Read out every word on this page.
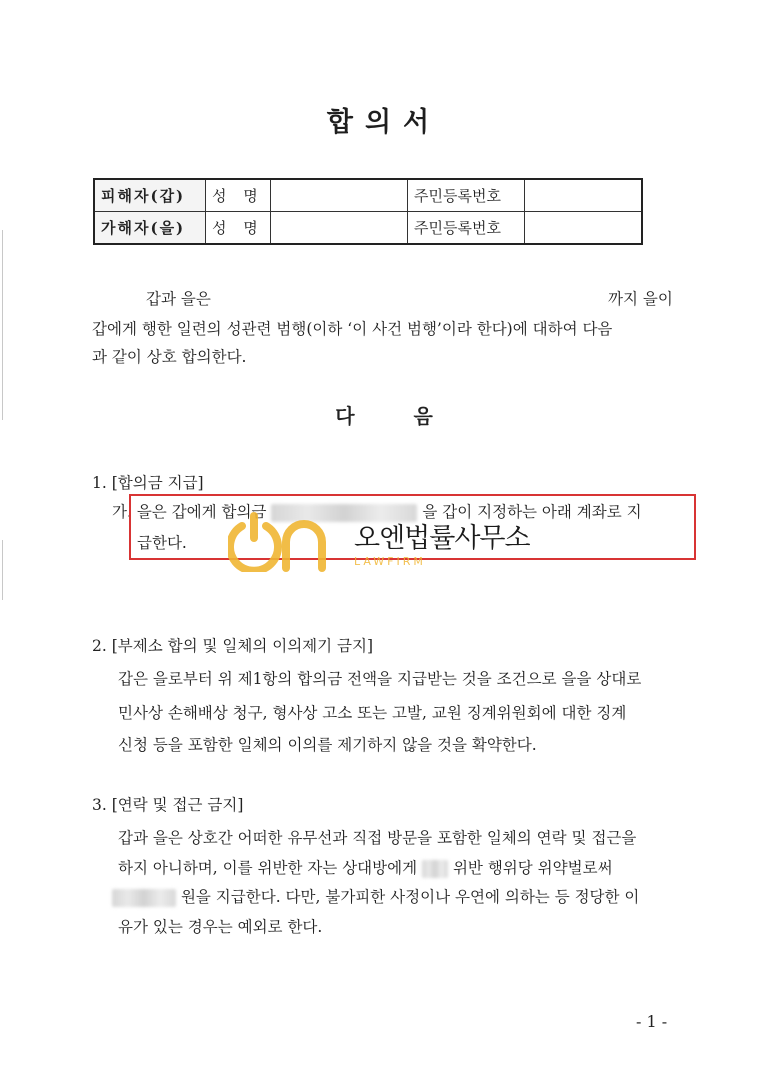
합의서
피해자(갑)	성 명		주민등록번호	
가해자(을)	성 명		주민등록번호	
갑과 을은	까지 을이
갑에게 행한 일련의 성관련 범행(이하 ‘이 사건 범행’이라 한다)에 대하여 다음
과 같이 상호 합의한다.
다 음
1. [합의금 지급]
가. 을은 갑에게 합의금	을 갑이 지정하는 아래 계좌로 지
급한다.	오엔법률사무소
LAWFIRM
2. [부제소 합의 및 일체의 이의제기 금지]
갑은 을로부터 위 제1항의 합의금 전액을 지급받는 것을 조건으로 을을 상대로
민사상 손해배상 청구, 형사상 고소 또는 고발, 교원 징계위원회에 대한 징계
신청 등을 포함한 일체의 이의를 제기하지 않을 것을 확약한다.
3. [연락 및 접근 금지]
갑과 을은 상호간 어떠한 유무선과 직접 방문을 포함한 일체의 연락 및 접근을
하지 아니하며, 이를 위반한 자는 상대방에게 위반 행위당 위약벌로써
원을 지급한다. 다만, 불가피한 사정이나 우연에 의하는 등 정당한 이
유가 있는 경우는 예외로 한다.
- 1 -
